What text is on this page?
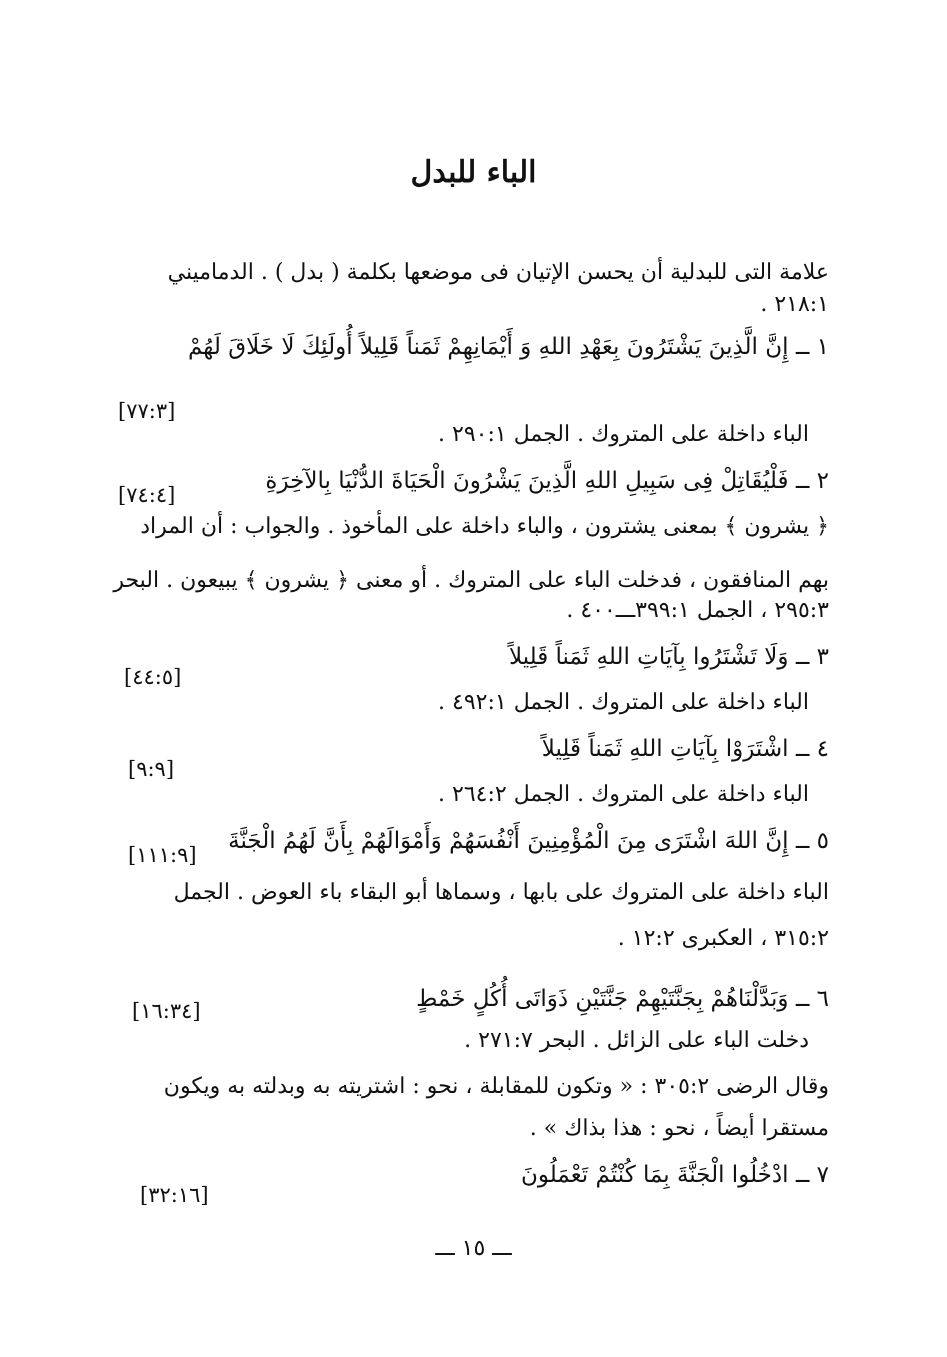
الباء للبدل
علامة التى للبدلية أن يحسن الإتيان فى موضعها بكلمة ( بدل ) . الدماميني
٢١٨:١ .
١ ــ إِنَّ الَّذِينَ يَشْتَرُونَ بِعَهْدِ اللهِ وَ أَيْمَانِهِمْ ثَمَناً قَلِيلاً أُولَئِكَ لَا خَلَاقَ لَهُمْ
[٧٧:٣]
الباء داخلة على المتروك . الجمل ٢٩٠:١ .
٢ ــ فَلْيُقَاتِلْ فِى سَبِيلِ اللهِ الَّذِينَ يَشْرُونَ الْحَيَاةَ الدُّنْيَا بِالآخِرَةِ
[٧٤:٤]
﴿ يشرون ﴾ بمعنى يشترون ، والباء داخلة على المأخوذ . والجواب : أن المراد
بهم المنافقون ، فدخلت الباء على المتروك . أو معنى ﴿ يشرون ﴾ يبيعون . البحر
٢٩٥:٣ ، الجمل ٣٩٩:١ـــ٤٠٠ .
٣ ــ وَلَا تَشْتَرُوا بِآيَاتِ اللهِ ثَمَناً قَلِيلاً
[٤٤:٥]
الباء داخلة على المتروك . الجمل ٤٩٢:١ .
٤ ــ اشْتَرَوْا بِآيَاتِ اللهِ ثَمَناً قَلِيلاً
[٩:٩]
الباء داخلة على المتروك . الجمل ٢٦٤:٢ .
٥ ــ إِنَّ اللهَ اشْتَرَى مِنَ الْمُؤْمِنِينَ أَنْفُسَهُمْ وَأَمْوَالَهُمْ بِأَنَّ لَهُمُ الْجَنَّةَ
[١١١:٩]
الباء داخلة على المتروك على بابها ، وسماها أبو البقاء باء العوض . الجمل
٣١٥:٢ ، العكبرى ١٢:٢ .
٦ ــ وَبَدَّلْنَاهُمْ بِجَنَّتَيْهِمْ جَنَّتَيْنِ ذَوَاتَى أُكُلٍ خَمْطٍ
[١٦:٣٤]
دخلت الباء على الزائل . البحر ٢٧١:٧ .
وقال الرضى ٣٠٥:٢ : « وتكون للمقابلة ، نحو : اشتريته به وبدلته به ويكون
مستقرا أيضاً ، نحو : هذا بذاك » .
٧ ــ ادْخُلُوا الْجَنَّةَ بِمَا كُنْتُمْ تَعْمَلُونَ
[٣٢:١٦]
ـــ ١٥ ـــ
